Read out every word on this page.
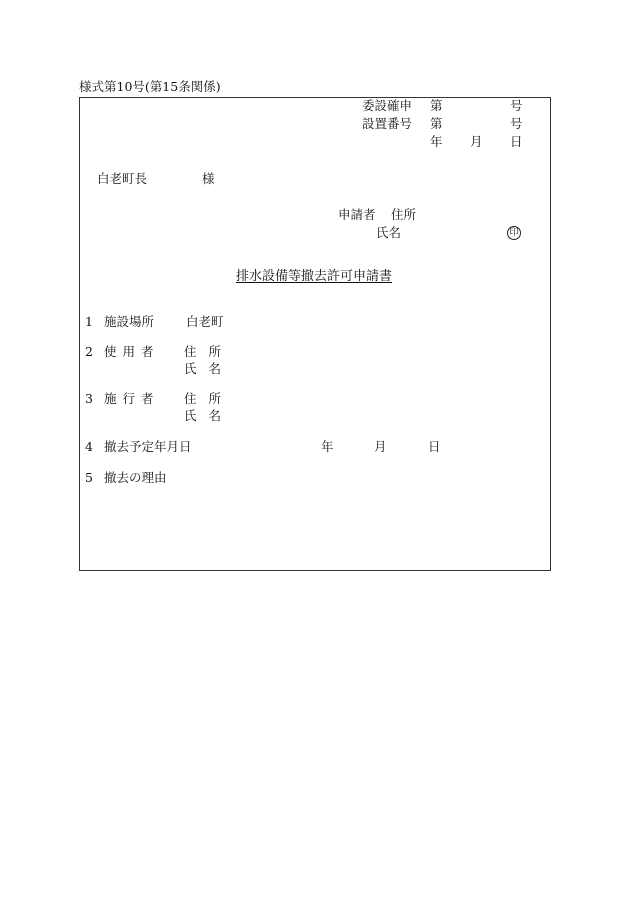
様式第10号(第15条関係)
委設確申 第	号
設置番号 第	号
年 月 日
白老町長	様
申請者 住所
氏名	印
排水設備等撤去許可申請書
1 施設場所	白老町
2 使用者 住所
氏名
3 施行者 住所
氏名
4 撤去予定年月日	年	月	日
5 撤去の理由
